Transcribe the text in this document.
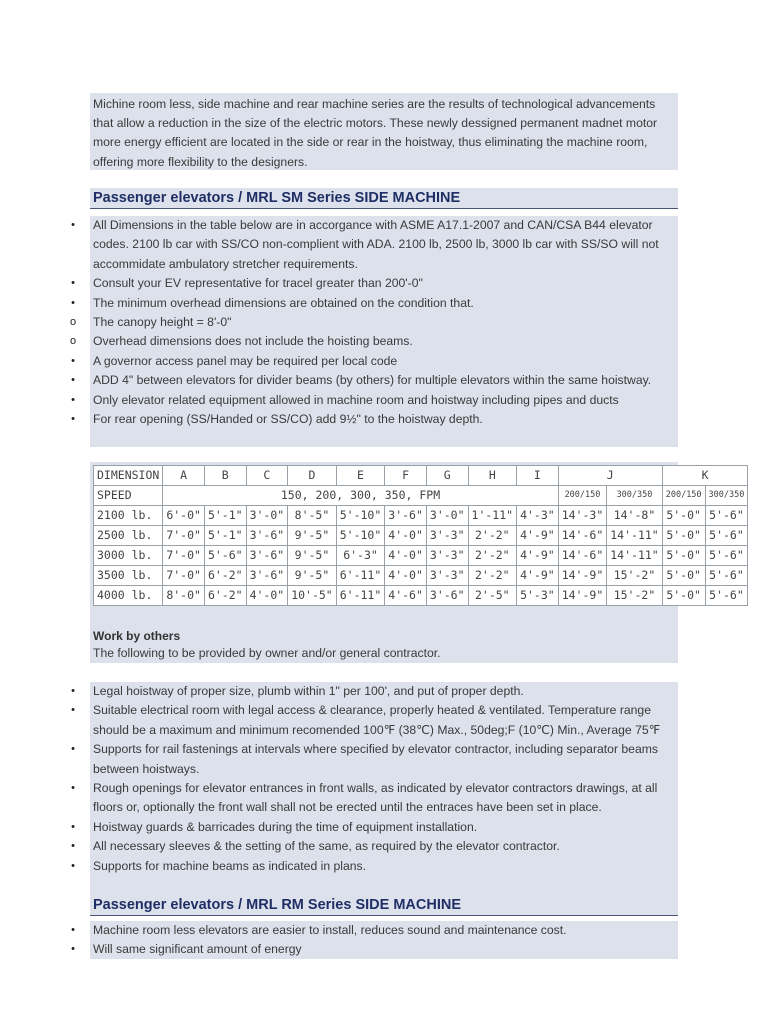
Michine room less, side machine and rear machine series are the results of technological advancements that allow a reduction in the size of the electric motors. These newly dessigned permanent madnet motor more energy efficient are located in the side or rear in the hoistway, thus eliminating the machine room, offering more flexibility to the designers.

Passenger elevators / MRL SM Series SIDE MACHINE
•	All Dimensions in the table below are in accorgance with ASME A17.1-2007 and CAN/CSA B44 elevator codes. 2100 lb car with SS/CO non-complient with ADA. 2100 lb, 2500 lb, 3000 lb car with SS/SO will not accommidate ambulatory stretcher requirements.
•	Consult your EV representative for tracel greater than 200'-0"
•	The minimum overhead dimensions are obtained on the condition that.
o The canopy height = 8'-0"
o Overhead dimensions does not include the hoisting beams.
•	A governor access panel may be required per local code
•	ADD 4" between elevators for divider beams (by others) for multiple elevators within the same hoistway.
•	Only elevator related equipment allowed in machine room and hoistway including pipes and ducts
•	For rear opening (SS/Handed or SS/CO) add 9½" to the hoistway depth.
DIMENSION	A	B	C	D	E	F	G	H	I	J		K	
SPEED	150, 200, 300, 350, FPM									200/150	300/350	200/150	300/350
2100 lb.	6'-0"	5'-1"	3'-0"	8'-5"	5'-10"	3'-6"	3'-0"	1'-11"	4'-3"	14'-3"	14'-8"	5'-0"	5'-6"
2500 lb.	7'-0"	5'-1"	3'-6"	9'-5"	5'-10"	4'-0"	3'-3"	2'-2"	4'-9"	14'-6"	14'-11"	5'-0"	5'-6"
3000 lb.	7'-0"	5'-6"	3'-6"	9'-5"	6'-3"	4'-0"	3'-3"	2'-2"	4'-9"	14'-6"	14'-11"	5'-0"	5'-6"
3500 lb.	7'-0"	6'-2"	3'-6"	9'-5"	6'-11"	4'-0"	3'-3"	2'-2"	4'-9"	14'-9"	15'-2"	5'-0"	5'-6"
4000 lb.	8'-0"	6'-2"	4'-0"	10'-5"	6'-11"	4'-6"	3'-6"	2'-5"	5'-3"	14'-9"	15'-2"	5'-0"	5'-6"
Work by others
The following to be provided by owner and/or general contractor.
•	Legal hoistway of proper size, plumb within 1" per 100', and put of proper depth.
•	Suitable electrical room with legal access & clearance, properly heated & ventilated. Temperature range should be a maximum and minimum recomended 100℉ (38℃) Max., 50deg;F (10℃) Min., Average 75℉
•	Supports for rail fastenings at intervals where specified by elevator contractor, including separator beams between hoistways.
•	Rough openings for elevator entrances in front walls, as indicated by elevator contractors drawings, at all floors or, optionally the front wall shall not be erected until the entraces have been set in place.
•	Hoistway guards & barricades during the time of equipment installation.
•	All necessary sleeves & the setting of the same, as required by the elevator contractor.
•	Supports for machine beams as indicated in plans.
Passenger elevators / MRL RM Series SIDE MACHINE
•	Machine room less elevators are easier to install, reduces sound and maintenance cost.
•	Will same significant amount of energy
